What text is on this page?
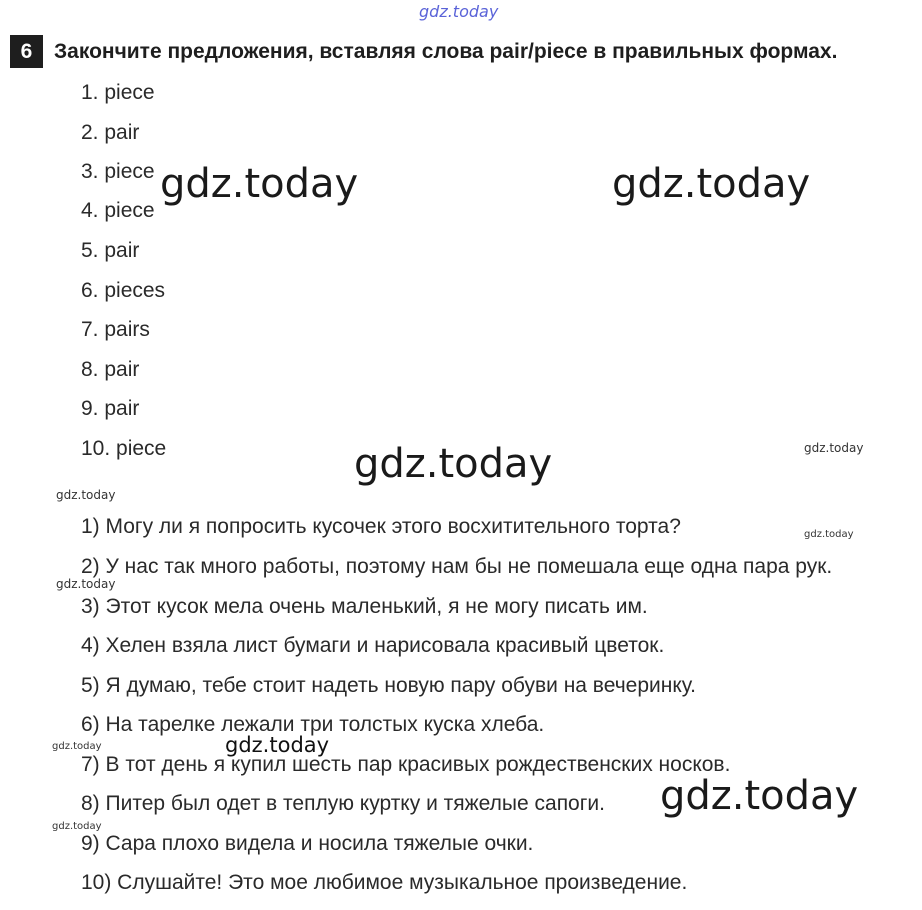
gdz.today
gdz.today	gdz.today
gdz.today
gdz.today
gdz.today
gdz.today
gdz.today
gdz.today
gdz.today
gdz.today
gdz.today
6	Закончите предложения, вставляя слова pair/piece в правильных формах.
1. piece
2. pair
3. piece
4. piece
5. pair
6. pieces
7. pairs
8. pair
9. pair
10. piece
1) Могу ли я попросить кусочек этого восхитительного торта?
2) У нас так много работы, поэтому нам бы не помешала еще одна пара рук.
3) Этот кусок мела очень маленький, я не могу писать им.
4) Хелен взяла лист бумаги и нарисовала красивый цветок.
5) Я думаю, тебе стоит надеть новую пару обуви на вечеринку.
6) На тарелке лежали три толстых куска хлеба.
7) В тот день я купил шесть пар красивых рождественских носков.
8) Питер был одет в теплую куртку и тяжелые сапоги.
9) Сара плохо видела и носила тяжелые очки.
10) Слушайте! Это мое любимое музыкальное произведение.
